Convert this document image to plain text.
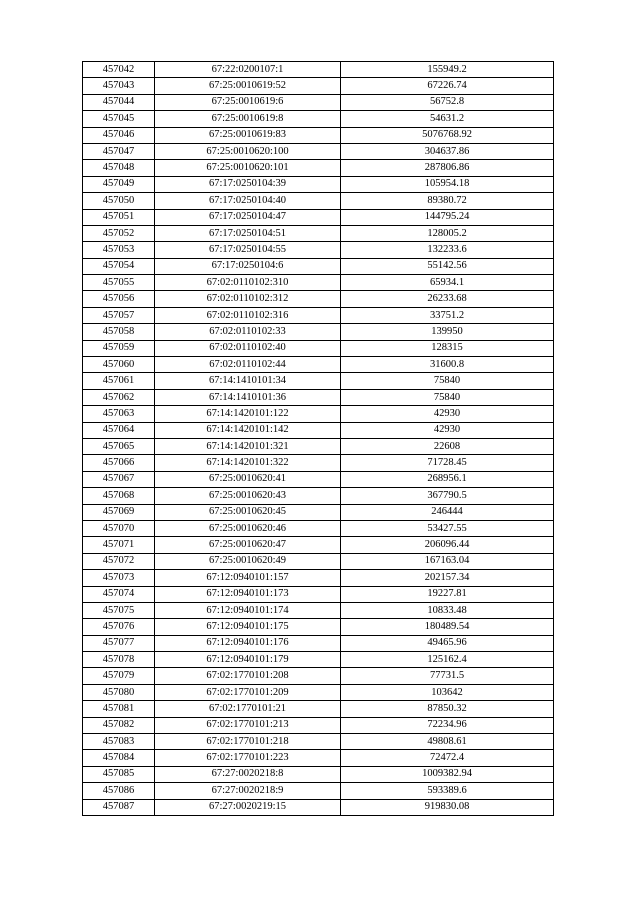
457042	67:22:0200107:1	155949.2
457043	67:25:0010619:52	67226.74
457044	67:25:0010619:6	56752.8
457045	67:25:0010619:8	54631.2
457046	67:25:0010619:83	5076768.92
457047	67:25:0010620:100	304637.86
457048	67:25:0010620:101	287806.86
457049	67:17:0250104:39	105954.18
457050	67:17:0250104:40	89380.72
457051	67:17:0250104:47	144795.24
457052	67:17:0250104:51	128005.2
457053	67:17:0250104:55	132233.6
457054	67:17:0250104:6	55142.56
457055	67:02:0110102:310	65934.1
457056	67:02:0110102:312	26233.68
457057	67:02:0110102:316	33751.2
457058	67:02:0110102:33	139950
457059	67:02:0110102:40	128315
457060	67:02:0110102:44	31600.8
457061	67:14:1410101:34	75840
457062	67:14:1410101:36	75840
457063	67:14:1420101:122	42930
457064	67:14:1420101:142	42930
457065	67:14:1420101:321	22608
457066	67:14:1420101:322	71728.45
457067	67:25:0010620:41	268956.1
457068	67:25:0010620:43	367790.5
457069	67:25:0010620:45	246444
457070	67:25:0010620:46	53427.55
457071	67:25:0010620:47	206096.44
457072	67:25:0010620:49	167163.04
457073	67:12:0940101:157	202157.34
457074	67:12:0940101:173	19227.81
457075	67:12:0940101:174	10833.48
457076	67:12:0940101:175	180489.54
457077	67:12:0940101:176	49465.96
457078	67:12:0940101:179	125162.4
457079	67:02:1770101:208	77731.5
457080	67:02:1770101:209	103642
457081	67:02:1770101:21	87850.32
457082	67:02:1770101:213	72234.96
457083	67:02:1770101:218	49808.61
457084	67:02:1770101:223	72472.4
457085	67:27:0020218:8	1009382.94
457086	67:27:0020218:9	593389.6
457087	67:27:0020219:15	919830.08
